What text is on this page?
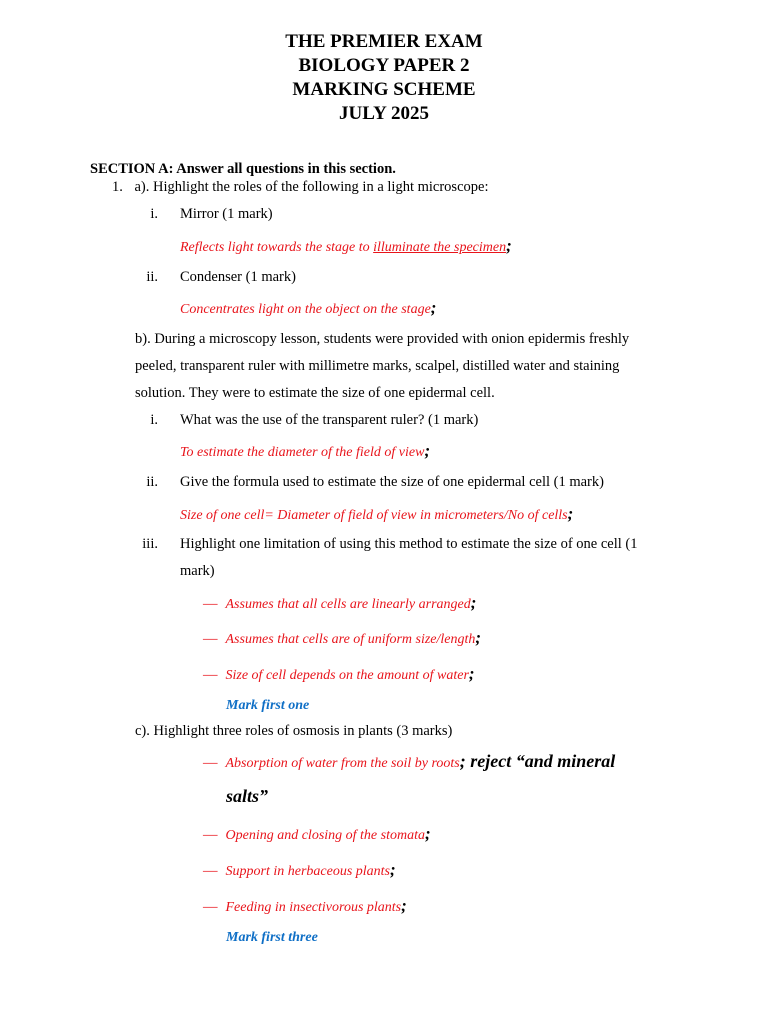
THE PREMIER EXAM
BIOLOGY PAPER 2
MARKING SCHEME
JULY 2025
SECTION A: Answer all questions in this section.
1. a). Highlight the roles of the following in a light microscope:
i. Mirror (1 mark)
Reflects light towards the stage to illuminate the specimen;
ii. Condenser (1 mark)
Concentrates light on the object on the stage;
b). During a microscopy lesson, students were provided with onion epidermis freshly
peeled, transparent ruler with millimetre marks, scalpel, distilled water and staining
solution. They were to estimate the size of one epidermal cell.
i. What was the use of the transparent ruler? (1 mark)
To estimate the diameter of the field of view;
ii. Give the formula used to estimate the size of one epidermal cell (1 mark)
Size of one cell= Diameter of field of view in micrometers/No of cells;
iii. Highlight one limitation of using this method to estimate the size of one cell (1
mark)
— Assumes that all cells are linearly arranged;
— Assumes that cells are of uniform size/length;
— Size of cell depends on the amount of water;
Mark first one
c). Highlight three roles of osmosis in plants (3 marks)
— Absorption of water from the soil by roots; reject “and mineral
salts”
— Opening and closing of the stomata;
— Support in herbaceous plants;
— Feeding in insectivorous plants;
Mark first three
